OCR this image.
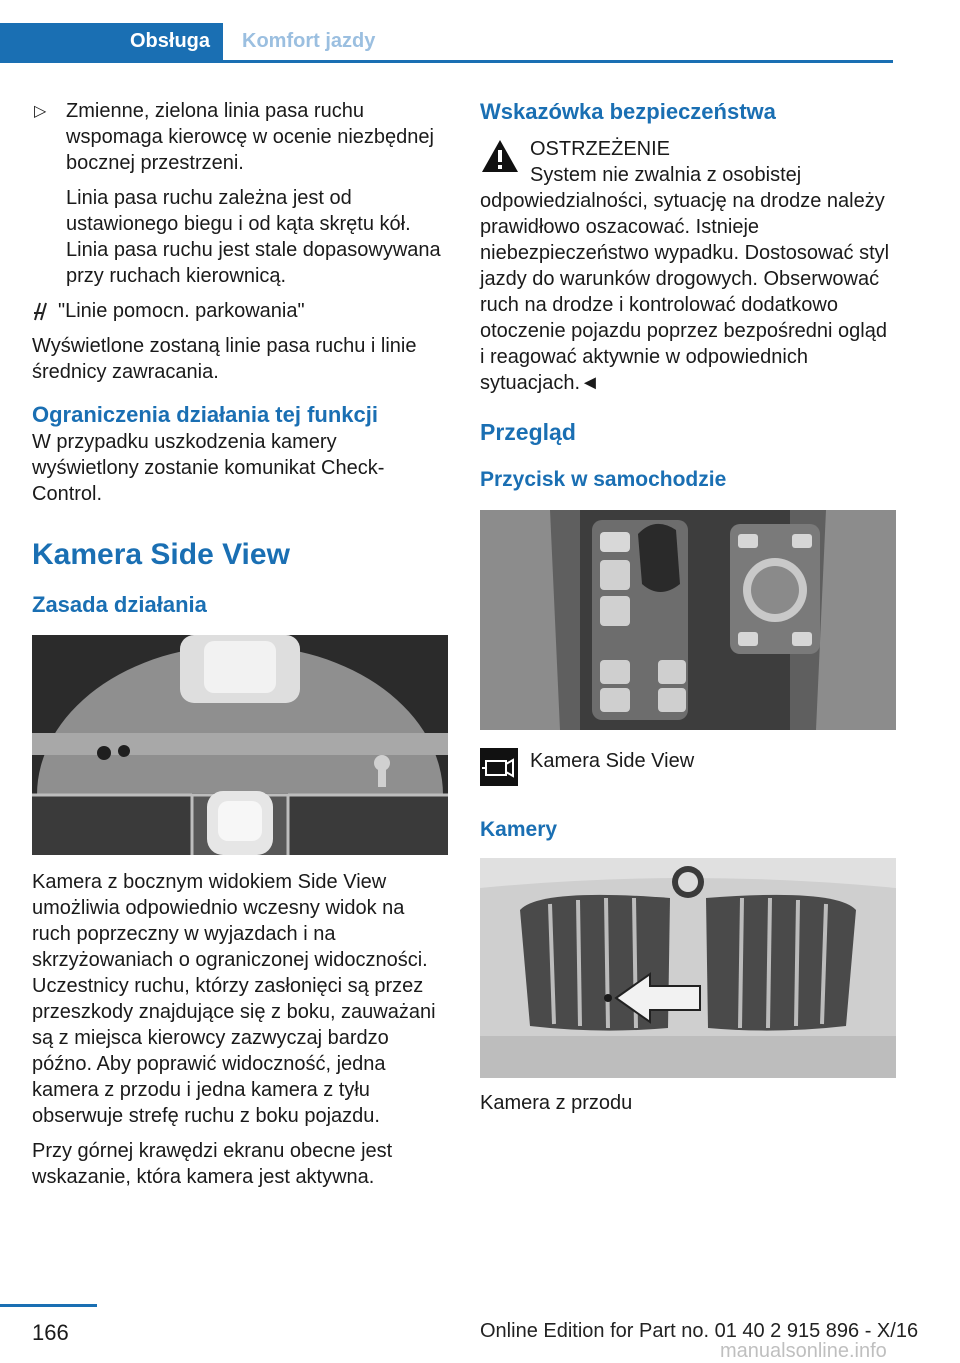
Obsługa	Komfort jazdy

▷ Zmienne, zielona linia pasa ruchu wspomaga kierowcę w ocenie niezbędnej bocznej przestrzeni.

Linia pasa ruchu zależna jest od ustawionego biegu i od kąta skrętu kół. Linia pasa ruchu jest stale dopasowywana przy ruchach kierownicą.

"Linie pomocn. parkowania"

Wyświetlone zostaną linie pasa ruchu i linie średnicy zawracania.

Ograniczenia działania tej funkcji

W przypadku uszkodzenia kamery wyświetlony zostanie komunikat Check-Control.

Kamera Side View
Zasada działania

Kamera z bocznym widokiem Side View umożliwia odpowiednio wczesny widok na ruch poprzeczny w wyjazdach i na skrzyżowaniach o ograniczonej widoczności. Uczestnicy ruchu, którzy zasłonięci są przez przeszkody znajdujące się z boku, zauważani są z miejsca kierowcy zazwyczaj bardzo późno. Aby poprawić widoczność, jedna kamera z przodu i jedna kamera z tyłu obserwuje strefę ruchu z boku pojazdu.

Przy górnej krawędzi ekranu obecne jest wskazanie, która kamera jest aktywna.

Wskazówka bezpieczeństwa

OSTRZEŻENIE

System nie zwalnia z osobistej odpowiedzialności, sytuację na drodze należy prawidłowo oszacować. Istnieje niebezpieczeństwo wypadku. Dostosować styl jazdy do warunków drogowych. Obserwować ruch na drodze i kontrolować dodatkowo otoczenie pojazdu poprzez bezpośredni ogląd i reagować aktywnie w odpowiednich sytuacjach.◄

Przegląd
Przycisk w samochodzie

Kamera Side View

Kamery

Kamera z przodu

166	Online Edition for Part no. 01 40 2 915 896 - X/16
manualsonline.info
